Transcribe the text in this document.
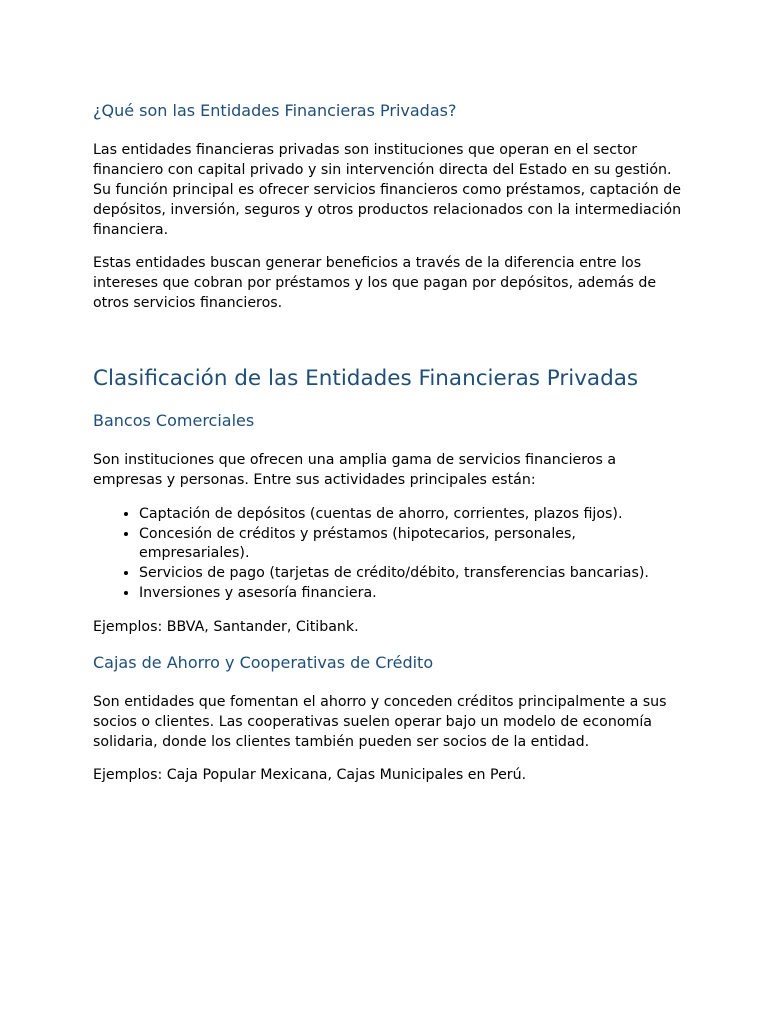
¿Qué son las Entidades Financieras Privadas?

Las entidades financieras privadas son instituciones que operan en el sector financiero con capital privado y sin intervención directa del Estado en su gestión. Su función principal es ofrecer servicios financieros como préstamos, captación de depósitos, inversión, seguros y otros productos relacionados con la intermediación financiera.

Estas entidades buscan generar beneficios a través de la diferencia entre los intereses que cobran por préstamos y los que pagan por depósitos, además de otros servicios financieros.

Clasificación de las Entidades Financieras Privadas
Bancos Comerciales

Son instituciones que ofrecen una amplia gama de servicios financieros a empresas y personas. Entre sus actividades principales están:

• Captación de depósitos (cuentas de ahorro, corrientes, plazos fijos).
• Concesión de créditos y préstamos (hipotecarios, personales, empresariales).
• Servicios de pago (tarjetas de crédito/débito, transferencias bancarias).
• Inversiones y asesoría financiera.

Ejemplos: BBVA, Santander, Citibank.

Cajas de Ahorro y Cooperativas de Crédito

Son entidades que fomentan el ahorro y conceden créditos principalmente a sus socios o clientes. Las cooperativas suelen operar bajo un modelo de economía solidaria, donde los clientes también pueden ser socios de la entidad.

Ejemplos: Caja Popular Mexicana, Cajas Municipales en Perú.
